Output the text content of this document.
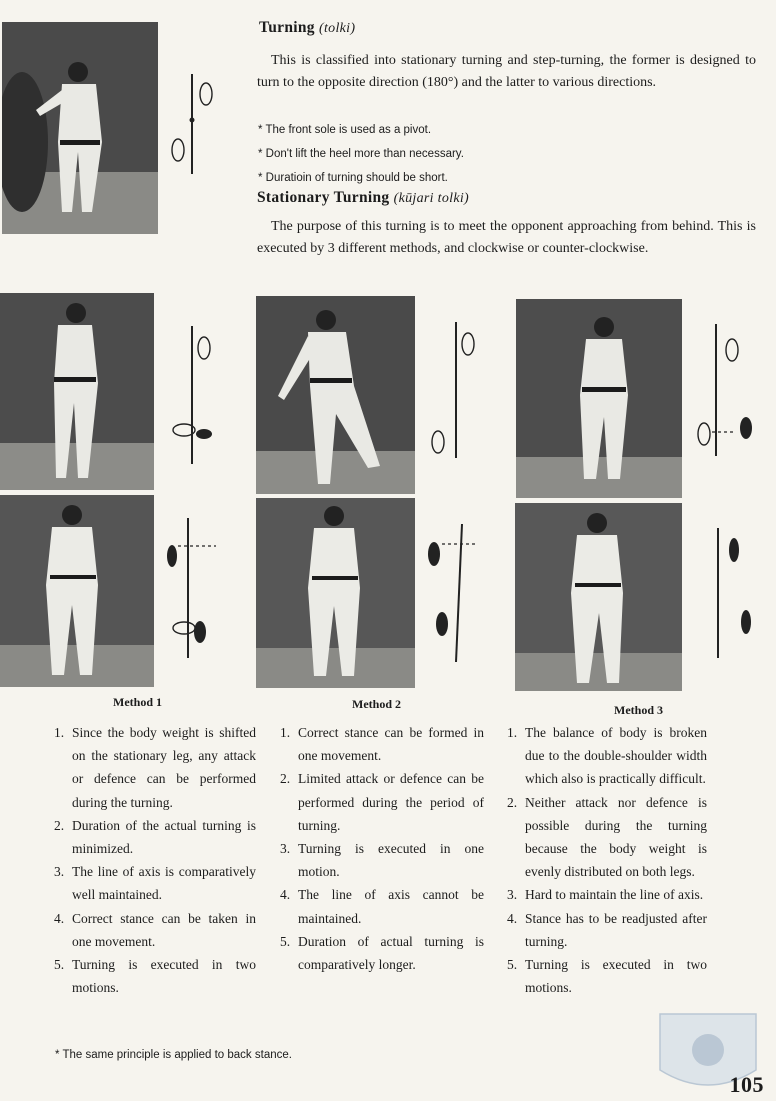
Turning (tolki)

This is classified into stationary turning and step-turning, the former is designed to turn to the opposite direction (180°) and the latter to various directions.

* The front sole is used as a pivot.

* Don't lift the heel more than necessary.

* Duratioin of turning should be short.

Stationary Turning (kūjari tolki)

The purpose of this turning is to meet the opponent approaching from behind. This is executed by 3 different methods, and clockwise or counter-clockwise.

Method 1	Method 2	Method 3

1. Since the body weight is shifted on the stationary leg, any attack or defence can be performed during the turning.
2. Duration of the actual turning is minimized.
3. The line of axis is comparatively well maintained.
4. Correct stance can be taken in one movement.
5. Turning is executed in two motions.
1. Correct stance can be formed in one movement.
2. Limited attack or defence can be performed during the period of turning.
3. Turning is executed in one motion.
4. The line of axis cannot be maintained.
5. Duration of actual turning is comparatively longer.
1. The balance of body is broken due to the double-shoulder width which also is practically difficult.
2. Neither attack nor defence is possible during the turning because the body weight is evenly distributed on both legs.
3. Hard to maintain the line of axis.
4. Stance has to be readjusted after turning.
5. Turning is executed in two motions.

* The same principle is applied to back stance.

105
